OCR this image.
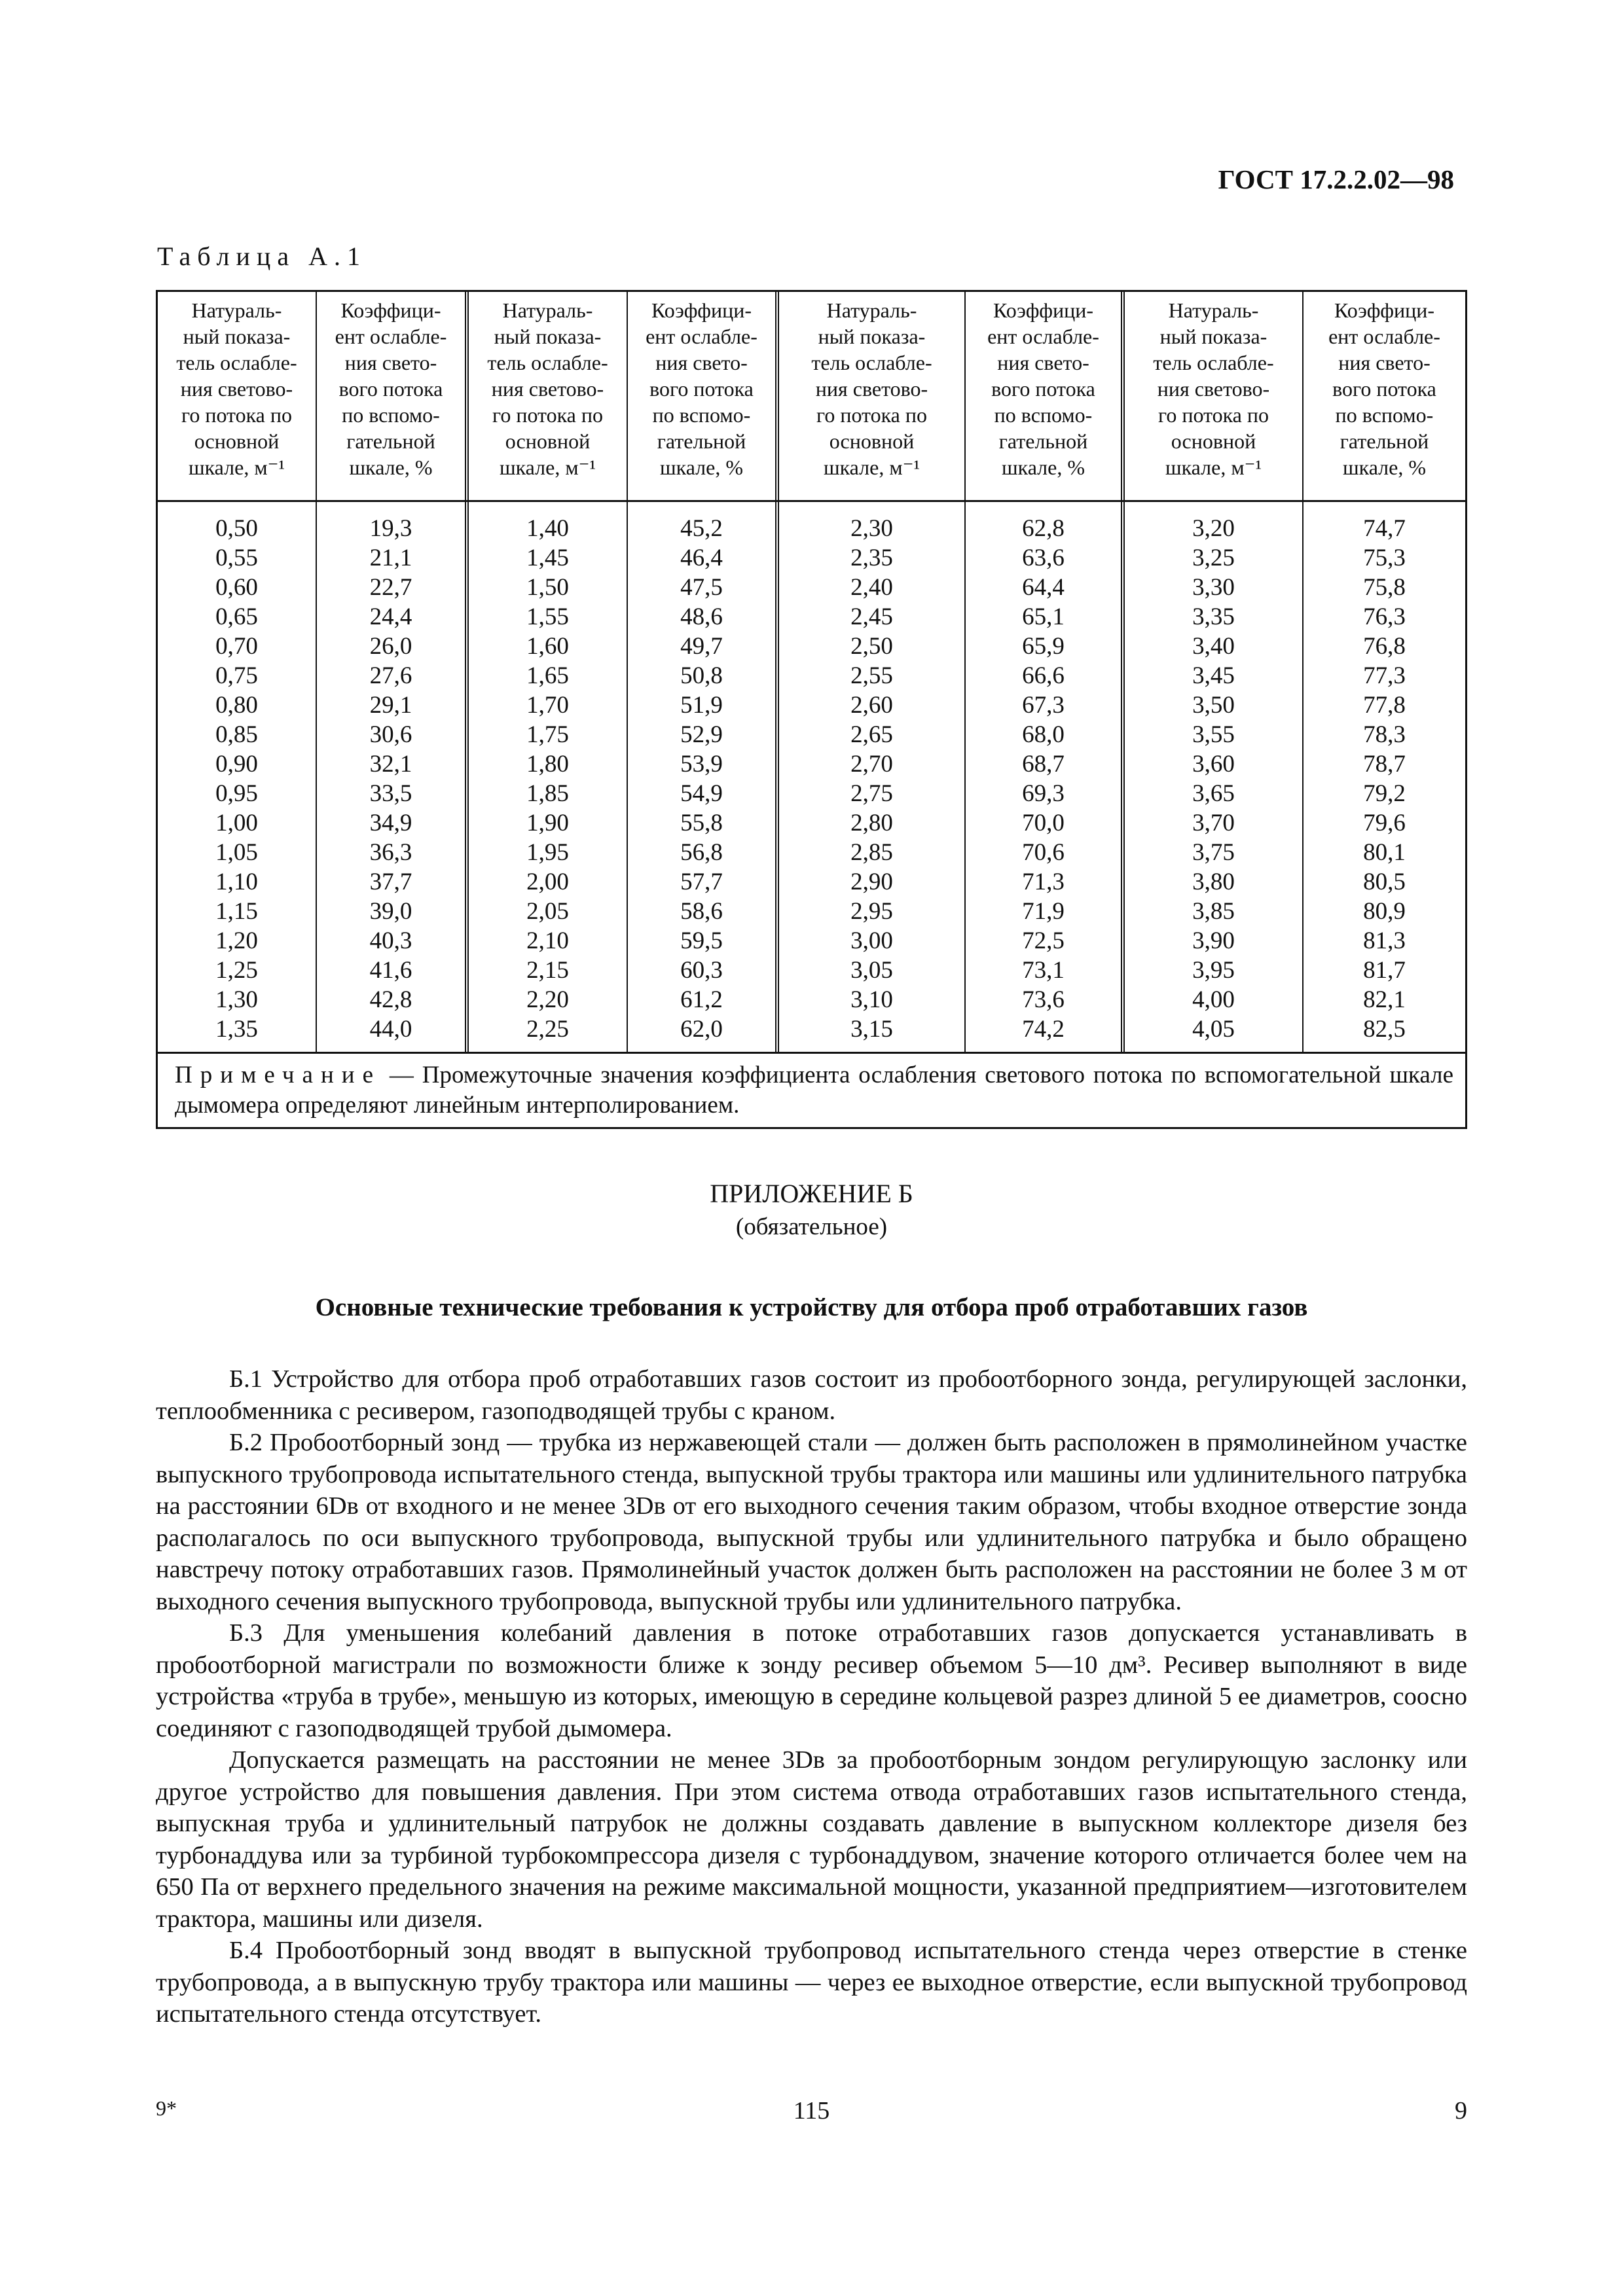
ГОСТ 17.2.2.02—98
Таблица А.1
Натураль-
ный показа-
тель ослабле-
ния светово-
го потока по
основной
шкале, м⁻¹
Коэффици-
ент ослабле-
ния свето-
вого потока
по вспомо-
гательной
шкале, %
Натураль-
ный показа-
тель ослабле-
ния светово-
го потока по
основной
шкале, м⁻¹
Коэффици-
ент ослабле-
ния свето-
вого потока
по вспомо-
гательной
шкале, %
Натураль-
ный показа-
тель ослабле-
ния светово-
го потока по
основной
шкале, м⁻¹
Коэффици-
ент ослабле-
ния свето-
вого потока
по вспомо-
гательной
шкале, %
Натураль-
ный показа-
тель ослабле-
ния светово-
го потока по
основной
шкале, м⁻¹
Коэффици-
ент ослабле-
ния свето-
вого потока
по вспомо-
гательной
шкале, %
0,50
0,55
0,60
0,65
0,70
0,75
0,80
0,85
0,90
0,95
1,00
1,05
1,10
1,15
1,20
1,25
1,30
1,35
19,3
21,1
22,7
24,4
26,0
27,6
29,1
30,6
32,1
33,5
34,9
36,3
37,7
39,0
40,3
41,6
42,8
44,0
1,40
1,45
1,50
1,55
1,60
1,65
1,70
1,75
1,80
1,85
1,90
1,95
2,00
2,05
2,10
2,15
2,20
2,25
45,2
46,4
47,5
48,6
49,7
50,8
51,9
52,9
53,9
54,9
55,8
56,8
57,7
58,6
59,5
60,3
61,2
62,0
2,30
2,35
2,40
2,45
2,50
2,55
2,60
2,65
2,70
2,75
2,80
2,85
2,90
2,95
3,00
3,05
3,10
3,15
62,8
63,6
64,4
65,1
65,9
66,6
67,3
68,0
68,7
69,3
70,0
70,6
71,3
71,9
72,5
73,1
73,6
74,2
3,20
3,25
3,30
3,35
3,40
3,45
3,50
3,55
3,60
3,65
3,70
3,75
3,80
3,85
3,90
3,95
4,00
4,05
74,7
75,3
75,8
76,3
76,8
77,3
77,8
78,3
78,7
79,2
79,6
80,1
80,5
80,9
81,3
81,7
82,1
82,5
Примечание — Промежуточные значения коэффициента ослабления светового потока по вспомогательной шкале дымомера определяют линейным интерполированием.
ПРИЛОЖЕНИЕ Б
(обязательное)
Основные технические требования к устройству для отбора проб отработавших газов

Б.1 Устройство для отбора проб отработавших газов состоит из пробоотборного зонда, регулирующей заслонки, теплообменника с ресивером, газоподводящей трубы с краном.

Б.2 Пробоотборный зонд — трубка из нержавеющей стали — должен быть расположен в прямолинейном участке выпускного трубопровода испытательного стенда, выпускной трубы трактора или машины или удлинительного патрубка на расстоянии 6Dв от входного и не менее 3Dв от его выходного сечения таким образом, чтобы входное отверстие зонда располагалось по оси выпускного трубопровода, выпускной трубы или удлинительного патрубка и было обращено навстречу потоку отработавших газов. Прямолинейный участок должен быть расположен на расстоянии не более 3 м от выходного сечения выпускного трубопровода, выпускной трубы или удлинительного патрубка.

Б.3 Для уменьшения колебаний давления в потоке отработавших газов допускается устанавливать в пробоотборной магистрали по возможности ближе к зонду ресивер объемом 5—10 дм³. Ресивер выполняют в виде устройства «труба в трубе», меньшую из которых, имеющую в середине кольцевой разрез длиной 5 ее диаметров, соосно соединяют с газоподводящей трубой дымомера.

Допускается размещать на расстоянии не менее 3Dв за пробоотборным зондом регулирующую заслонку или другое устройство для повышения давления. При этом система отвода отработавших газов испытательного стенда, выпускная труба и удлинительный патрубок не должны создавать давление в выпускном коллекторе дизеля без турбонаддува или за турбиной турбокомпрессора дизеля с турбонаддувом, значение которого отличается более чем на 650 Па от верхнего предельного значения на режиме максимальной мощности, указанной предприятием—изготовителем трактора, машины или дизеля.

Б.4 Пробоотборный зонд вводят в выпускной трубопровод испытательного стенда через отверстие в стенке трубопровода, а в выпускную трубу трактора или машины — через ее выходное отверстие, если выпускной трубопровод испытательного стенда отсутствует.

9*	115	9
